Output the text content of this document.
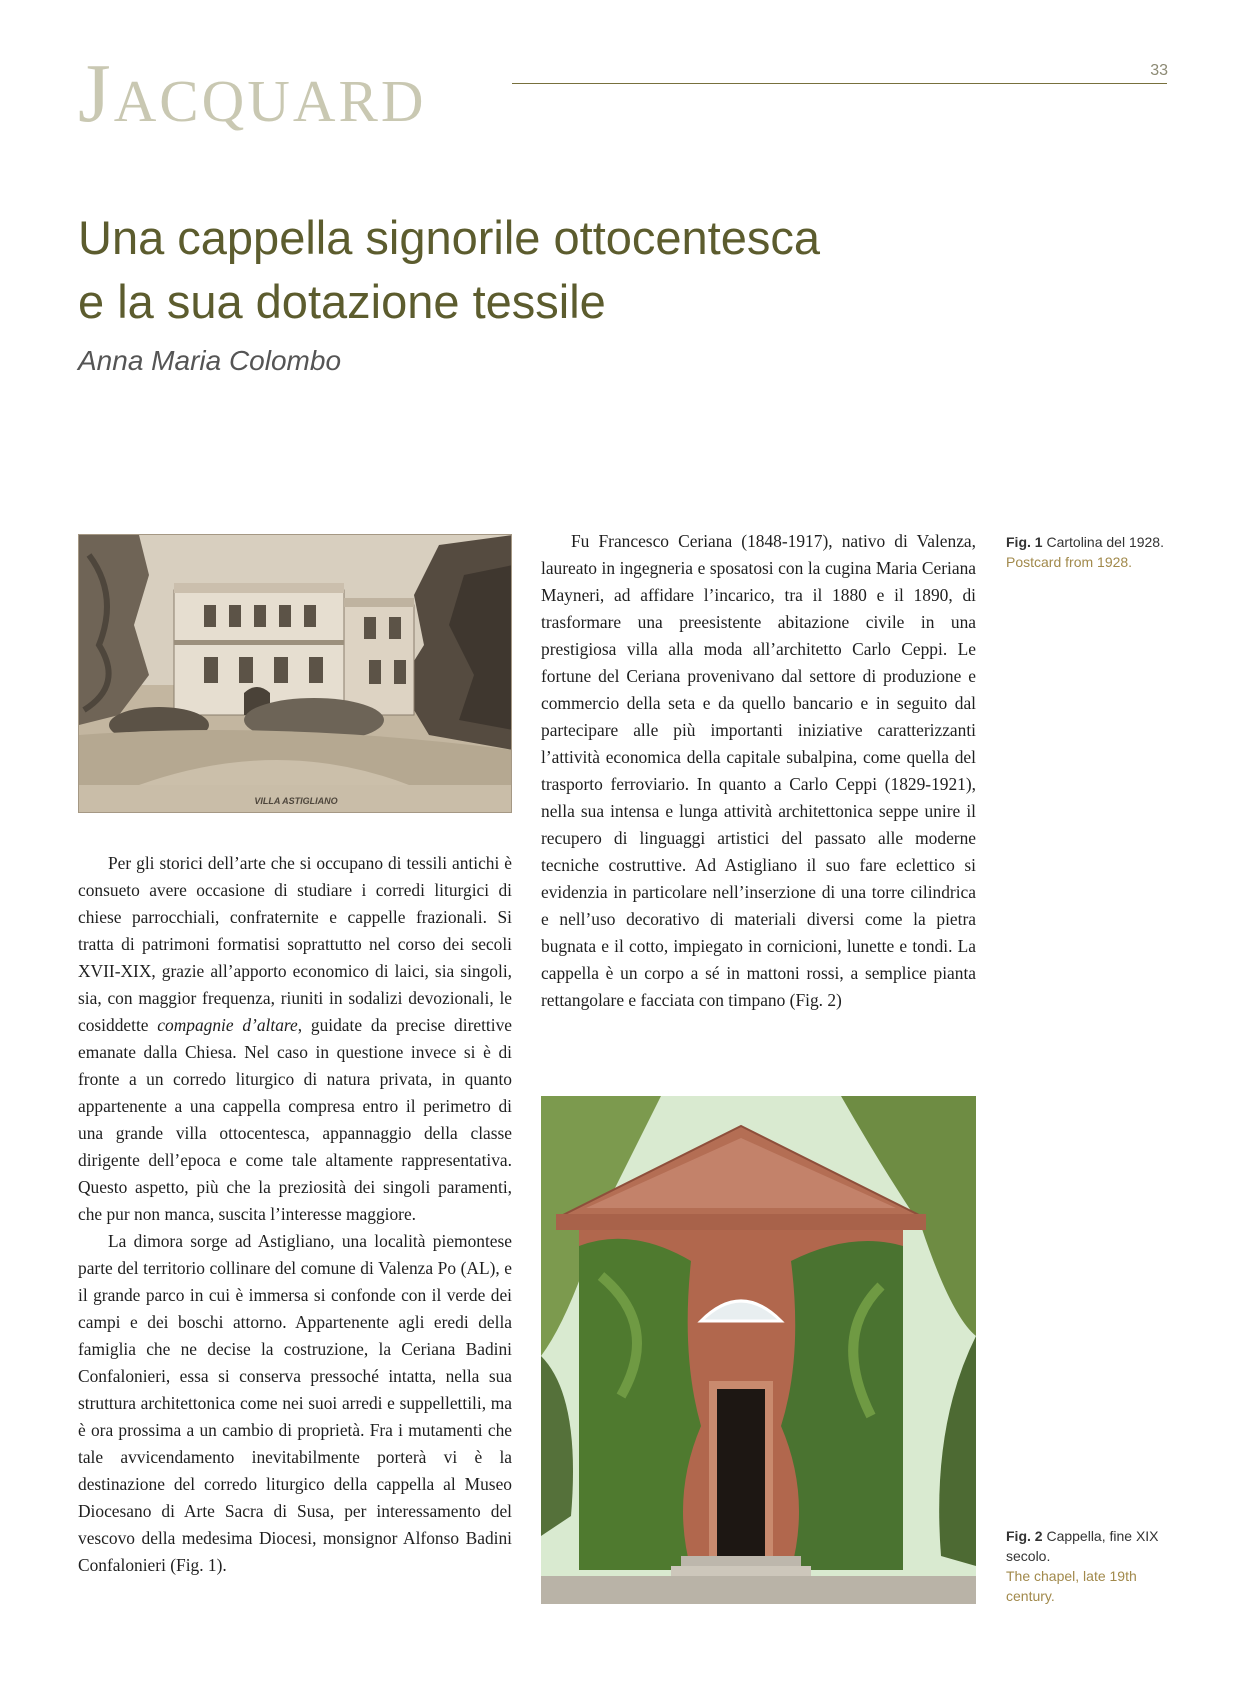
Jacquard	33
Una cappella signorile ottocentesca
e la sua dotazione tessile
Anna Maria Colombo
VILLA ASTIGLIANO

Per gli storici dell’arte che si occupano di tessili antichi è consueto avere occasione di studiare i corredi liturgici di chiese parrocchiali, confraternite e cappelle frazionali. Si tratta di patrimoni formatisi soprattutto nel corso dei secoli XVII-XIX, grazie all’apporto economico di laici, sia singoli, sia, con maggior frequenza, riuniti in sodalizi devozionali, le cosiddette compagnie d’altare, guidate da precise direttive emanate dalla Chiesa. Nel caso in questione invece si è di fronte a un corredo liturgico di natura privata, in quanto appartenente a una cappella compresa entro il perimetro di una grande villa ottocentesca, appannaggio della classe dirigente dell’epoca e come tale altamente rappresentativa. Questo aspetto, più che la preziosità dei singoli paramenti, che pur non manca, suscita l’interesse maggiore.

La dimora sorge ad Astigliano, una località piemontese parte del territorio collinare del comune di Valenza Po (AL), e il grande parco in cui è immersa si confonde con il verde dei campi e dei boschi attorno. Appartenente agli eredi della famiglia che ne decise la costruzione, la Ceriana Badini Confalonieri, essa si conserva pressoché intatta, nella sua struttura architettonica come nei suoi arredi e suppellettili, ma è ora prossima a un cambio di proprietà. Fra i mutamenti che tale avvicendamento inevitabilmente porterà vi è la destinazione del corredo liturgico della cappella al Museo Diocesano di Arte Sacra di Susa, per interessamento del vescovo della medesima Diocesi, monsignor Alfonso Badini Confalonieri (Fig. 1).

Fu Francesco Ceriana (1848-1917), nativo di Valenza, laureato in ingegneria e sposatosi con la cugina Maria Ceriana Mayneri, ad affidare l’incarico, tra il 1880 e il 1890, di trasformare una preesistente abitazione civile in una prestigiosa villa alla moda all’architetto Carlo Ceppi. Le fortune del Ceriana provenivano dal settore di produzione e commercio della seta e da quello bancario e in seguito dal partecipare alle più importanti iniziative caratterizzanti l’attività economica della capitale subalpina, come quella del trasporto ferroviario. In quanto a Carlo Ceppi (1829-1921), nella sua intensa e lunga attività architettonica seppe unire il recupero di linguaggi artistici del passato alle moderne tecniche costruttive. Ad Astigliano il suo fare eclettico si evidenzia in particolare nell’inserzione di una torre cilindrica e nell’uso decorativo di materiali diversi come la pietra bugnata e il cotto, impiegato in cornicioni, lunette e tondi. La cappella è un corpo a sé in mattoni rossi, a semplice pianta rettangolare e facciata con timpano (Fig. 2)

Fig. 1 Cartolina del 1928.
Postcard from 1928.
Fig. 2 Cappella, fine XIX secolo.
The chapel, late 19th century.
